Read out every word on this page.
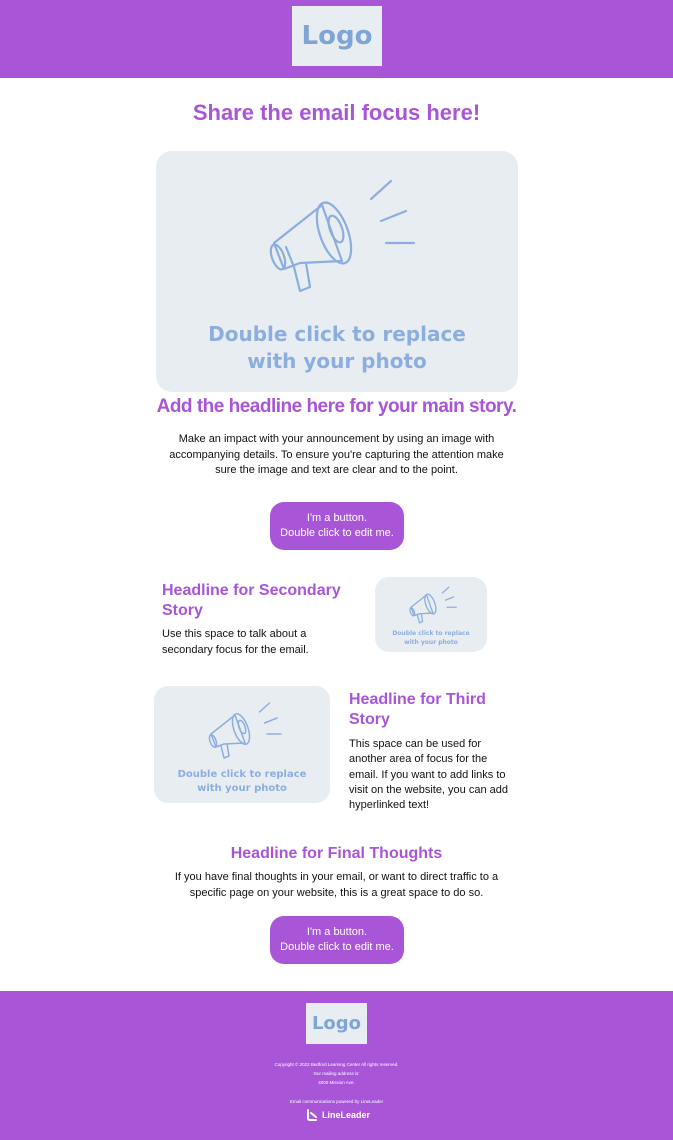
Logo
Share the email focus here!
Double click to replace
with your photo
Add the headline here for your main story.
Make an impact with your announcement by using an image with accompanying details. To ensure you're capturing the attention make sure the image and text are clear and to the point.
I'm a button.
Double click to edit me.
Headline for Secondary Story
Use this space to talk about a secondary focus for the email.
Double click to replace
with your photo
Double click to replace
with your photo
Headline for Third Story
This space can be used for another area of focus for the email. If you want to add links to visit on the website, you can add hyperlinked text!
Headline for Final Thoughts
If you have final thoughts in your email, or want to direct traffic to a specific page on your website, this is a great space to do so.
I'm a button.
Double click to edit me.
Logo
Copyright © 2022 Bedford Learning Center All rights reserved.
Our mailing address is:
4000 Mission Ave.
Email communications powered by LineLeader
LineLeader
